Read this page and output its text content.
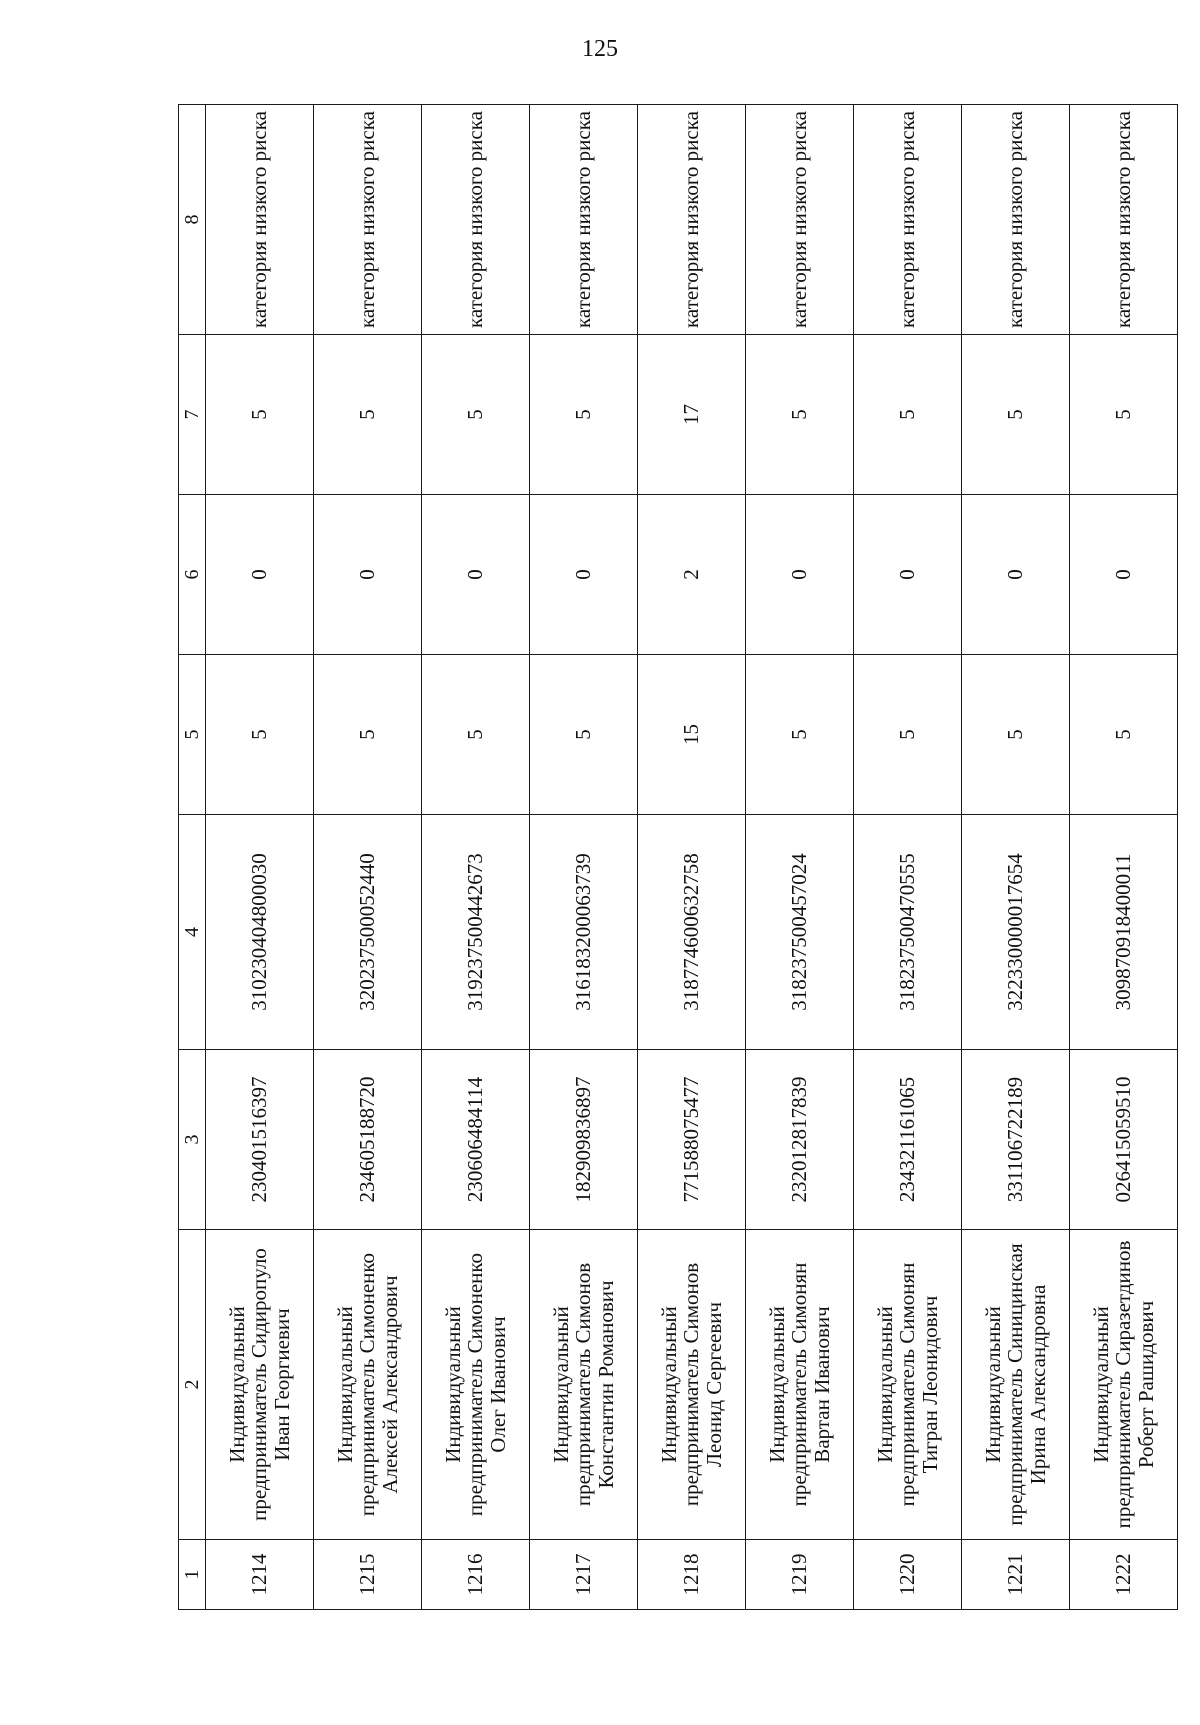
125
1	2	3	4	5	6	7	8
1214	Индивидуальный предприниматель Сидиропуло Иван Георгиевич	230401516397	310230404800030	5	0	5	категория низкого риска
1215	Индивидуальный предприниматель Симоненко Алексей Александрович	234605188720	320237500052440	5	0	5	категория низкого риска
1216	Индивидуальный предприниматель Симоненко Олег Иванович	230606484114	319237500442673	5	0	5	категория низкого риска
1217	Индивидуальный предприниматель Симонов Константин Романович	182909836897	316183200063739	5	0	5	категория низкого риска
1218	Индивидуальный предприниматель Симонов Леонид Сергеевич	771588075477	318774600632758	15	2	17	категория низкого риска
1219	Индивидуальный предприниматель Симонян Вартан Иванович	232012817839	318237500457024	5	0	5	категория низкого риска
1220	Индивидуальный предприниматель Симонян Тигран Леонидович	234321161065	318237500470555	5	0	5	категория низкого риска
1221	Индивидуальный предприниматель Синицинская Ирина Александровна	331106722189	322330000017654	5	0	5	категория низкого риска
1222	Индивидуальный предприниматель Сиразетдинов Роберт Рашидович	026415059510	309870918400011	5	0	5	категория низкого риска
